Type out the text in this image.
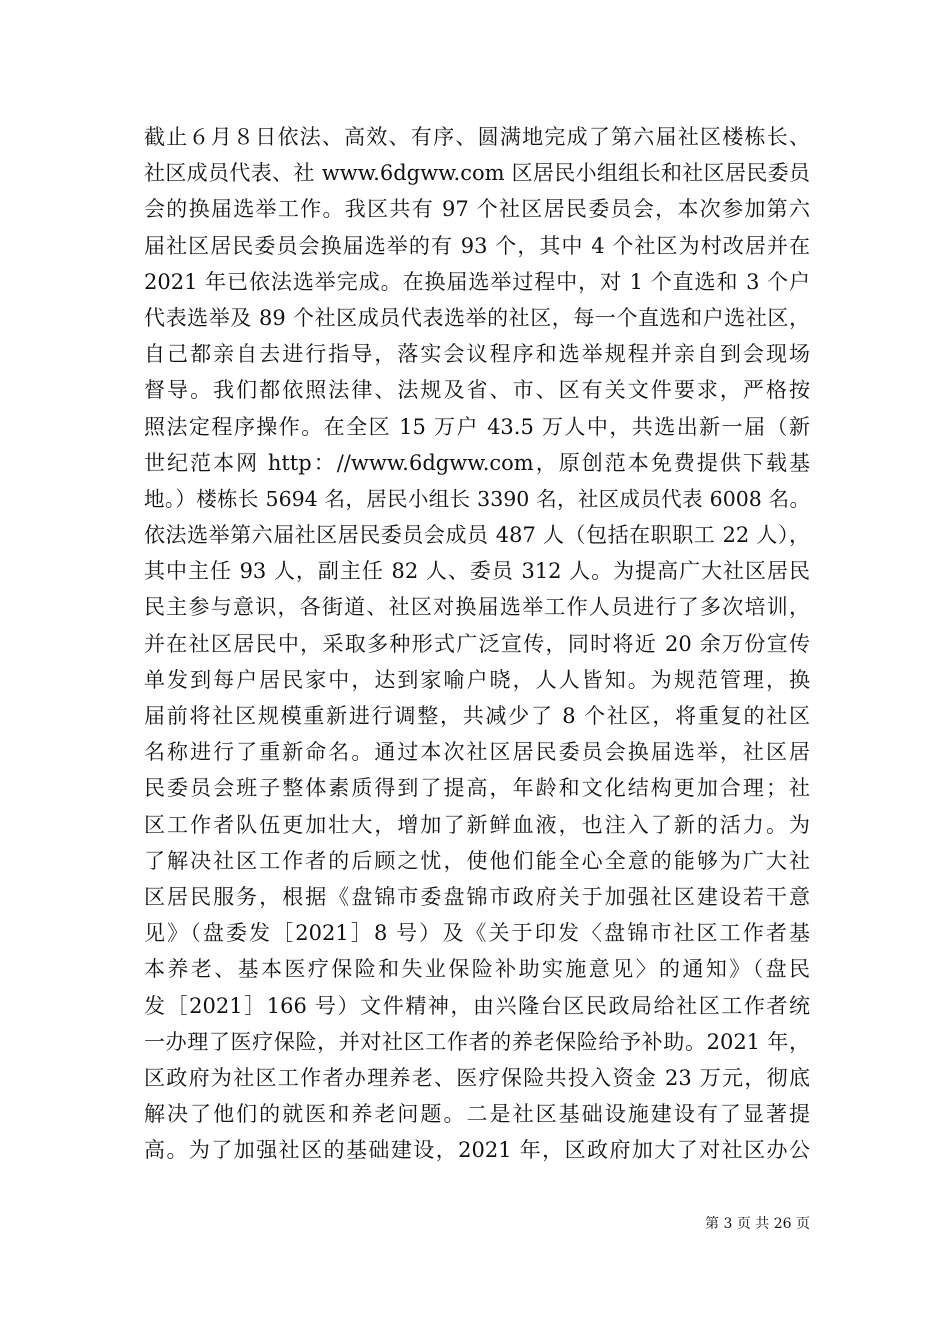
截止６月８日依法、高效、有序、圆满地完成了第六届社区楼栋长、
社区成员代表、社 www.6dgww.com 区居民小组组长和社区居民委员
会的换届选举工作。我区共有 97 个社区居民委员会，本次参加第六
届社区居民委员会换届选举的有 93 个，其中 4 个社区为村改居并在
2021 年已依法选举完成。在换届选举过程中，对 1 个直选和 3 个户
代表选举及 89 个社区成员代表选举的社区，每一个直选和户选社区，
自己都亲自去进行指导，落实会议程序和选举规程并亲自到会现场
督导。我们都依照法律、法规及省、市、区有关文件要求，严格按
照法定程序操作。在全区 15 万户 43.5 万人中，共选出新一届（新
世纪范本网 http：//www.6dgww.com，原创范本免费提供下载基
地。）楼栋长 5694 名，居民小组长 3390 名，社区成员代表 6008 名。
依法选举第六届社区居民委员会成员 487 人（包括在职职工 22 人），
其中主任 93 人，副主任 82 人、委员 312 人。为提高广大社区居民
民主参与意识，各街道、社区对换届选举工作人员进行了多次培训，
并在社区居民中，采取多种形式广泛宣传，同时将近 20 余万份宣传
单发到每户居民家中，达到家喻户晓，人人皆知。为规范管理，换
届前将社区规模重新进行调整，共减少了 8 个社区，将重复的社区
名称进行了重新命名。通过本次社区居民委员会换届选举，社区居
民委员会班子整体素质得到了提高，年龄和文化结构更加合理；社
区工作者队伍更加壮大，增加了新鲜血液，也注入了新的活力。为
了解决社区工作者的后顾之忧，使他们能全心全意的能够为广大社
区居民服务，根据《盘锦市委盘锦市政府关于加强社区建设若干意
见》（盘委发［2021］8 号）及《关于印发〈盘锦市社区工作者基
本养老、基本医疗保险和失业保险补助实施意见〉的通知》（盘民
发［2021］166 号）文件精神，由兴隆台区民政局给社区工作者统
一办理了医疗保险，并对社区工作者的养老保险给予补助。2021 年，
区政府为社区工作者办理养老、医疗保险共投入资金 23 万元，彻底
解决了他们的就医和养老问题。二是社区基础设施建设有了显著提
高。为了加强社区的基础建设，2021 年，区政府加大了对社区办公
第 3 页 共 26 页
